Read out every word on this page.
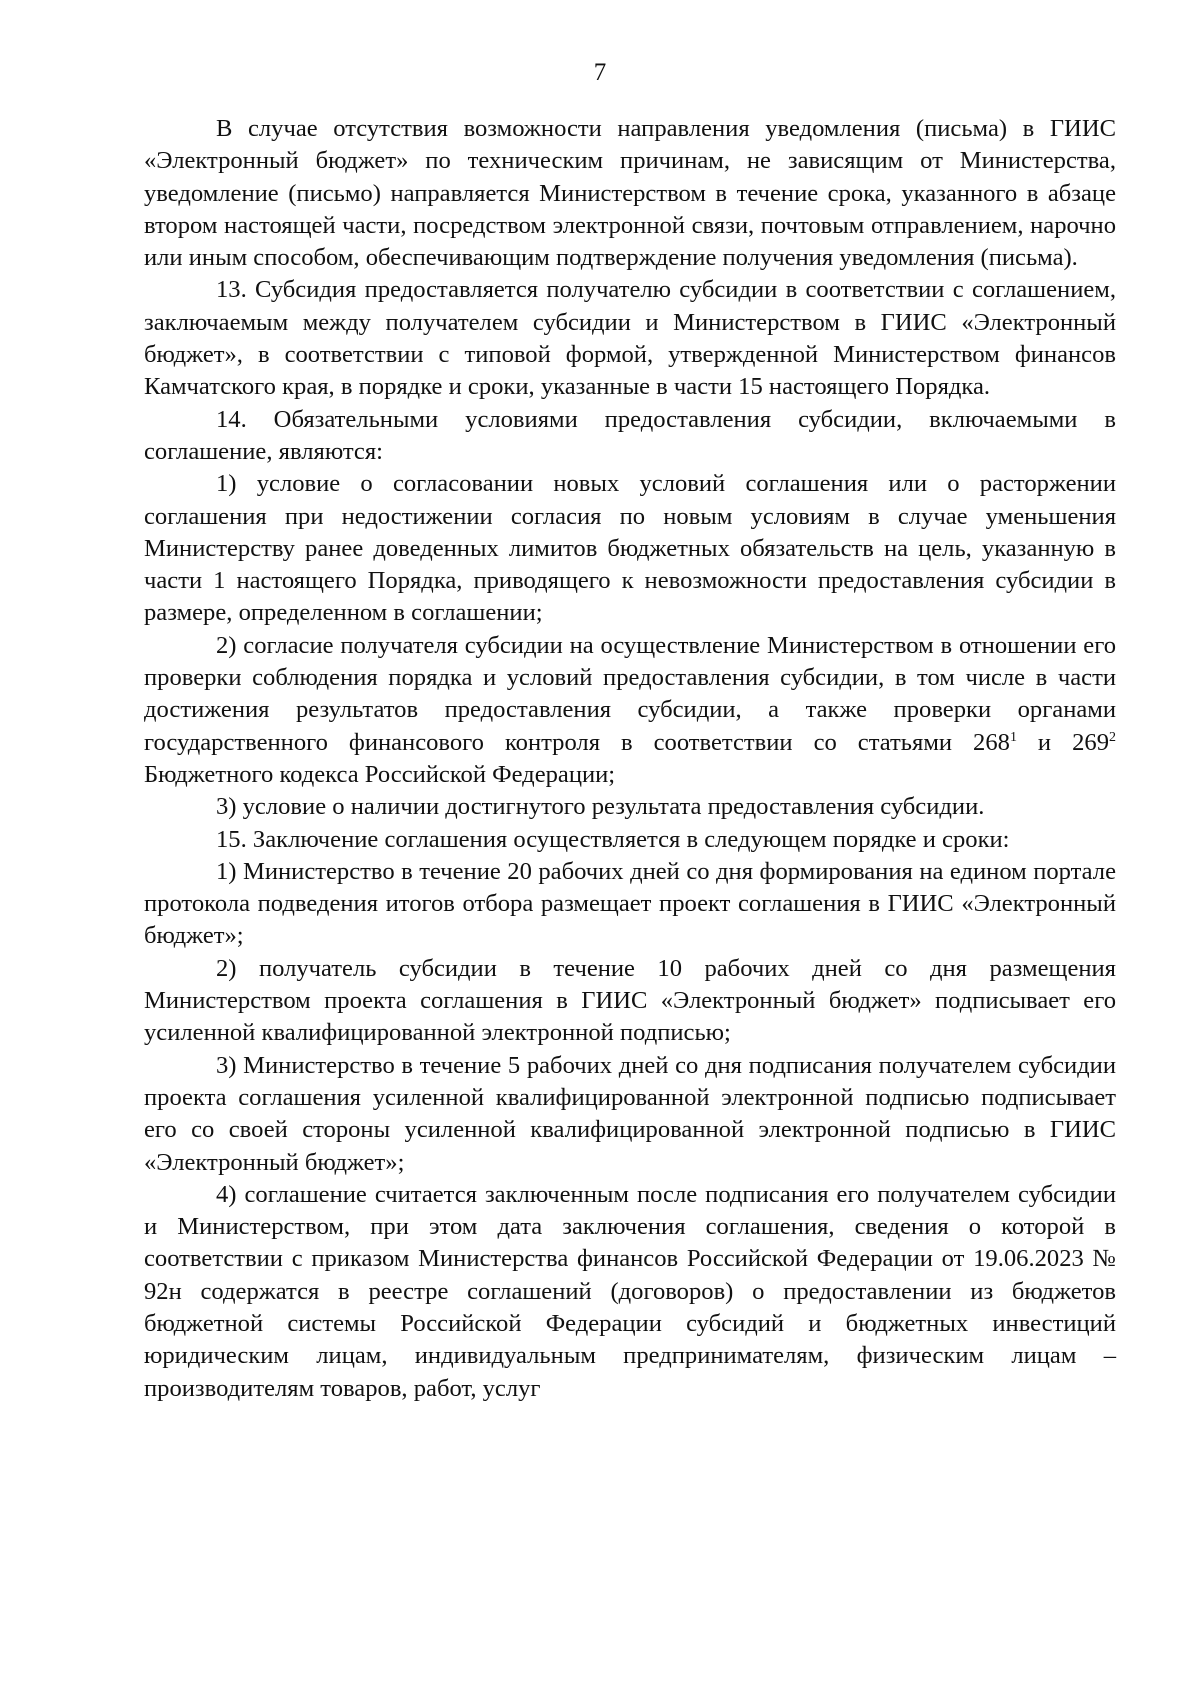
7

В случае отсутствия возможности направления уведомления (письма) в ГИИС «Электронный бюджет» по техническим причинам, не зависящим от Министерства, уведомление (письмо) направляется Министерством в течение срока, указанного в абзаце втором настоящей части, посредством электронной связи, почтовым отправлением, нарочно или иным способом, обеспечивающим подтверждение получения уведомления (письма).

13. Субсидия предоставляется получателю субсидии в соответствии с соглашением, заключаемым между получателем субсидии и Министерством в ГИИС «Электронный бюджет», в соответствии с типовой формой, утвержденной Министерством финансов Камчатского края, в порядке и сроки, указанные в части 15 настоящего Порядка.

14. Обязательными условиями предоставления субсидии, включаемыми в соглашение, являются:

1) условие о согласовании новых условий соглашения или о расторжении соглашения при недостижении согласия по новым условиям в случае уменьшения Министерству ранее доведенных лимитов бюджетных обязательств на цель, указанную в части 1 настоящего Порядка, приводящего к невозможности предоставления субсидии в размере, определенном в соглашении;

2) согласие получателя субсидии на осуществление Министерством в отношении его проверки соблюдения порядка и условий предоставления субсидии, в том числе в части достижения результатов предоставления субсидии, а также проверки органами государственного финансового контроля в соответствии со статьями $268^1$ и $269^2$ Бюджетного кодекса Российской Федерации;

3) условие о наличии достигнутого результата предоставления субсидии.

15. Заключение соглашения осуществляется в следующем порядке и сроки:

1) Министерство в течение 20 рабочих дней со дня формирования на едином портале протокола подведения итогов отбора размещает проект соглашения в ГИИС «Электронный бюджет»;

2) получатель субсидии в течение 10 рабочих дней со дня размещения Министерством проекта соглашения в ГИИС «Электронный бюджет» подписывает его усиленной квалифицированной электронной подписью;

3) Министерство в течение 5 рабочих дней со дня подписания получателем субсидии проекта соглашения усиленной квалифицированной электронной подписью подписывает его со своей стороны усиленной квалифицированной электронной подписью в ГИИС «Электронный бюджет»;

4) соглашение считается заключенным после подписания его получателем субсидии и Министерством, при этом дата заключения соглашения, сведения о которой в соответствии с приказом Министерства финансов Российской Федерации от 19.06.2023 № 92н содержатся в реестре соглашений (договоров) о предоставлении из бюджетов бюджетной системы Российской Федерации субсидий и бюджетных инвестиций юридическим лицам, индивидуальным предпринимателям, физическим лицам – производителям товаров, работ, услуг
